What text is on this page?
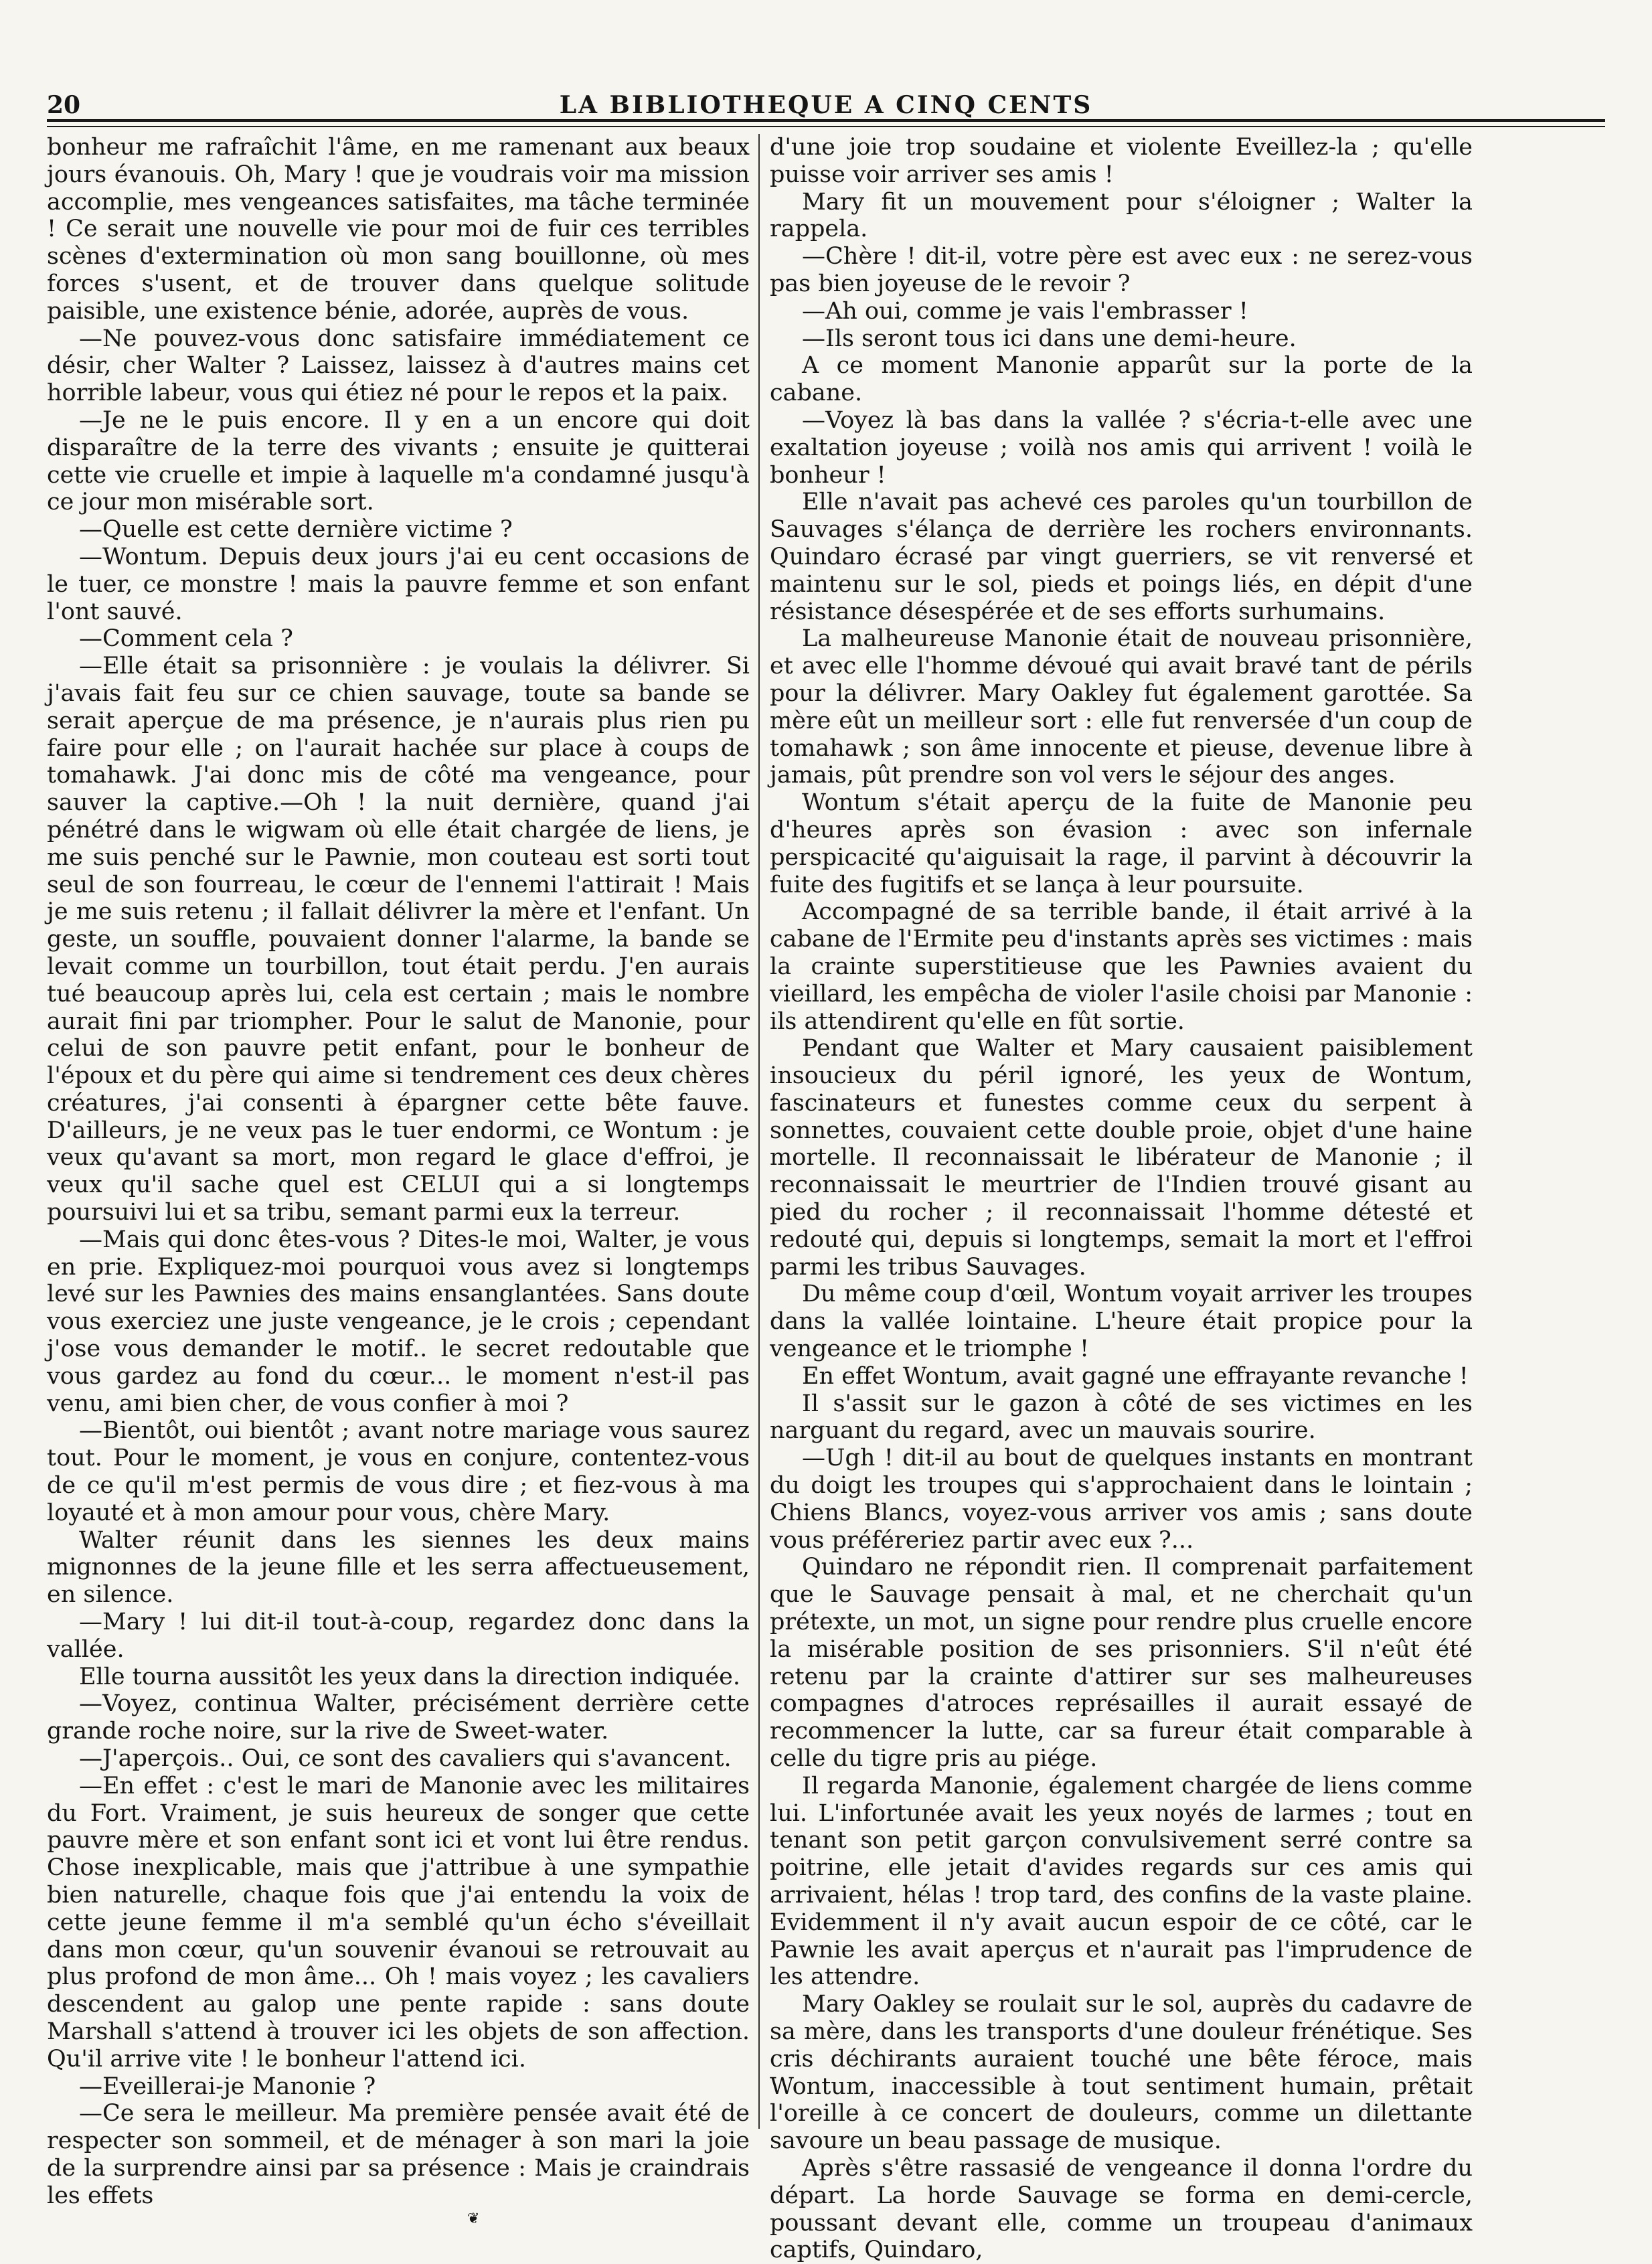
20	LA BIBLIOTHEQUE A CINQ CENTS

bonheur me rafraîchit l'âme, en me ramenant aux beaux jours évanouis. Oh, Mary ! que je voudrais voir ma mission accomplie, mes vengeances satisfaites, ma tâche terminée ! Ce serait une nouvelle vie pour moi de fuir ces terribles scènes d'extermination où mon sang bouillonne, où mes forces s'usent, et de trouver dans quelque solitude paisible, une existence bénie, adorée, auprès de vous.

—Ne pouvez-vous donc satisfaire immédiatement ce désir, cher Walter ? Laissez, laissez à d'autres mains cet horrible labeur, vous qui étiez né pour le repos et la paix.

—Je ne le puis encore. Il y en a un encore qui doit disparaître de la terre des vivants ; ensuite je quitterai cette vie cruelle et impie à laquelle m'a condamné jusqu'à ce jour mon misérable sort.

—Quelle est cette dernière victime ?

—Wontum. Depuis deux jours j'ai eu cent occasions de le tuer, ce monstre ! mais la pauvre femme et son enfant l'ont sauvé.

—Comment cela ?

—Elle était sa prisonnière : je voulais la délivrer. Si j'avais fait feu sur ce chien sauvage, toute sa bande se serait aperçue de ma présence, je n'aurais plus rien pu faire pour elle ; on l'aurait hachée sur place à coups de tomahawk. J'ai donc mis de côté ma vengeance, pour sauver la captive.—Oh ! la nuit dernière, quand j'ai pénétré dans le wigwam où elle était chargée de liens, je me suis penché sur le Pawnie, mon couteau est sorti tout seul de son fourreau, le cœur de l'ennemi l'attirait ! Mais je me suis retenu ; il fallait délivrer la mère et l'enfant. Un geste, un souffle, pouvaient donner l'alarme, la bande se levait comme un tourbillon, tout était perdu. J'en aurais tué beaucoup après lui, cela est certain ; mais le nombre aurait fini par triompher. Pour le salut de Manonie, pour celui de son pauvre petit enfant, pour le bonheur de l'époux et du père qui aime si tendrement ces deux chères créatures, j'ai consenti à épargner cette bête fauve. D'ailleurs, je ne veux pas le tuer endormi, ce Wontum : je veux qu'avant sa mort, mon regard le glace d'effroi, je veux qu'il sache quel est CELUI qui a si longtemps poursuivi lui et sa tribu, semant parmi eux la terreur.

—Mais qui donc êtes-vous ? Dites-le moi, Walter, je vous en prie. Expliquez-moi pourquoi vous avez si longtemps levé sur les Pawnies des mains ensanglantées. Sans doute vous exerciez une juste vengeance, je le crois ; cependant j'ose vous demander le motif.. le secret redoutable que vous gardez au fond du cœur... le moment n'est-il pas venu, ami bien cher, de vous confier à moi ?

—Bientôt, oui bientôt ; avant notre mariage vous saurez tout. Pour le moment, je vous en conjure, contentez-vous de ce qu'il m'est permis de vous dire ; et fiez-vous à ma loyauté et à mon amour pour vous, chère Mary.

Walter réunit dans les siennes les deux mains mignonnes de la jeune fille et les serra affectueusement, en silence.

—Mary ! lui dit-il tout-à-coup, regardez donc dans la vallée.

Elle tourna aussitôt les yeux dans la direction indiquée.

—Voyez, continua Walter, précisément derrière cette grande roche noire, sur la rive de Sweet-water.

—J'aperçois.. Oui, ce sont des cavaliers qui s'avancent.

—En effet : c'est le mari de Manonie avec les militaires du Fort. Vraiment, je suis heureux de songer que cette pauvre mère et son enfant sont ici et vont lui être rendus. Chose inexplicable, mais que j'attribue à une sympathie bien naturelle, chaque fois que j'ai entendu la voix de cette jeune femme il m'a semblé qu'un écho s'éveillait dans mon cœur, qu'un souvenir évanoui se retrouvait au plus profond de mon âme... Oh ! mais voyez ; les cavaliers descendent au galop une pente rapide : sans doute Marshall s'attend à trouver ici les objets de son affection. Qu'il arrive vite ! le bonheur l'attend ici.

—Eveillerai-je Manonie ?

—Ce sera le meilleur. Ma première pensée avait été de respecter son sommeil, et de ménager à son mari la joie de la surprendre ainsi par sa présence : Mais je craindrais les effets

d'une joie trop soudaine et violente Eveillez-la ; qu'elle puisse voir arriver ses amis !

Mary fit un mouvement pour s'éloigner ; Walter la rappela.

—Chère ! dit-il, votre père est avec eux : ne serez-vous pas bien joyeuse de le revoir ?

—Ah oui, comme je vais l'embrasser !

—Ils seront tous ici dans une demi-heure.

A ce moment Manonie apparût sur la porte de la cabane.

—Voyez là bas dans la vallée ? s'écria-t-elle avec une exaltation joyeuse ; voilà nos amis qui arrivent ! voilà le bonheur !

Elle n'avait pas achevé ces paroles qu'un tourbillon de Sauvages s'élança de derrière les rochers environnants. Quindaro écrasé par vingt guerriers, se vit renversé et maintenu sur le sol, pieds et poings liés, en dépit d'une résistance désespérée et de ses efforts surhumains.

La malheureuse Manonie était de nouveau prisonnière, et avec elle l'homme dévoué qui avait bravé tant de périls pour la délivrer. Mary Oakley fut également garottée. Sa mère eût un meilleur sort : elle fut renversée d'un coup de tomahawk ; son âme innocente et pieuse, devenue libre à jamais, pût prendre son vol vers le séjour des anges.

Wontum s'était aperçu de la fuite de Manonie peu d'heures après son évasion : avec son infernale perspicacité qu'aiguisait la rage, il parvint à découvrir la fuite des fugitifs et se lança à leur poursuite.

Accompagné de sa terrible bande, il était arrivé à la cabane de l'Ermite peu d'instants après ses victimes : mais la crainte superstitieuse que les Pawnies avaient du vieillard, les empêcha de violer l'asile choisi par Manonie : ils attendirent qu'elle en fût sortie.

Pendant que Walter et Mary causaient paisiblement insoucieux du péril ignoré, les yeux de Wontum, fascinateurs et funestes comme ceux du serpent à sonnettes, couvaient cette double proie, objet d'une haine mortelle. Il reconnaissait le libérateur de Manonie ; il reconnaissait le meurtrier de l'Indien trouvé gisant au pied du rocher ; il reconnaissait l'homme détesté et redouté qui, depuis si longtemps, semait la mort et l'effroi parmi les tribus Sauvages.

Du même coup d'œil, Wontum voyait arriver les troupes dans la vallée lointaine. L'heure était propice pour la vengeance et le triomphe !

En effet Wontum, avait gagné une effrayante revanche !

Il s'assit sur le gazon à côté de ses victimes en les narguant du regard, avec un mauvais sourire.

—Ugh ! dit-il au bout de quelques instants en montrant du doigt les troupes qui s'approchaient dans le lointain ; Chiens Blancs, voyez-vous arriver vos amis ; sans doute vous préféreriez partir avec eux ?...

Quindaro ne répondit rien. Il comprenait parfaitement que le Sauvage pensait à mal, et ne cherchait qu'un prétexte, un mot, un signe pour rendre plus cruelle encore la misérable position de ses prisonniers. S'il n'eût été retenu par la crainte d'attirer sur ses malheureuses compagnes d'atroces représailles il aurait essayé de recommencer la lutte, car sa fureur était comparable à celle du tigre pris au piége.

Il regarda Manonie, également chargée de liens comme lui. L'infortunée avait les yeux noyés de larmes ; tout en tenant son petit garçon convulsivement serré contre sa poitrine, elle jetait d'avides regards sur ces amis qui arrivaient, hélas ! trop tard, des confins de la vaste plaine. Evidemment il n'y avait aucun espoir de ce côté, car le Pawnie les avait aperçus et n'aurait pas l'imprudence de les attendre.

Mary Oakley se roulait sur le sol, auprès du cadavre de sa mère, dans les transports d'une douleur frénétique. Ses cris déchirants auraient touché une bête féroce, mais Wontum, inaccessible à tout sentiment humain, prêtait l'oreille à ce concert de douleurs, comme un dilettante savoure un beau passage de musique.

Après s'être rassasié de vengeance il donna l'ordre du départ. La horde Sauvage se forma en demi-cercle, poussant devant elle, comme un troupeau d'animaux captifs, Quindaro,

❦
